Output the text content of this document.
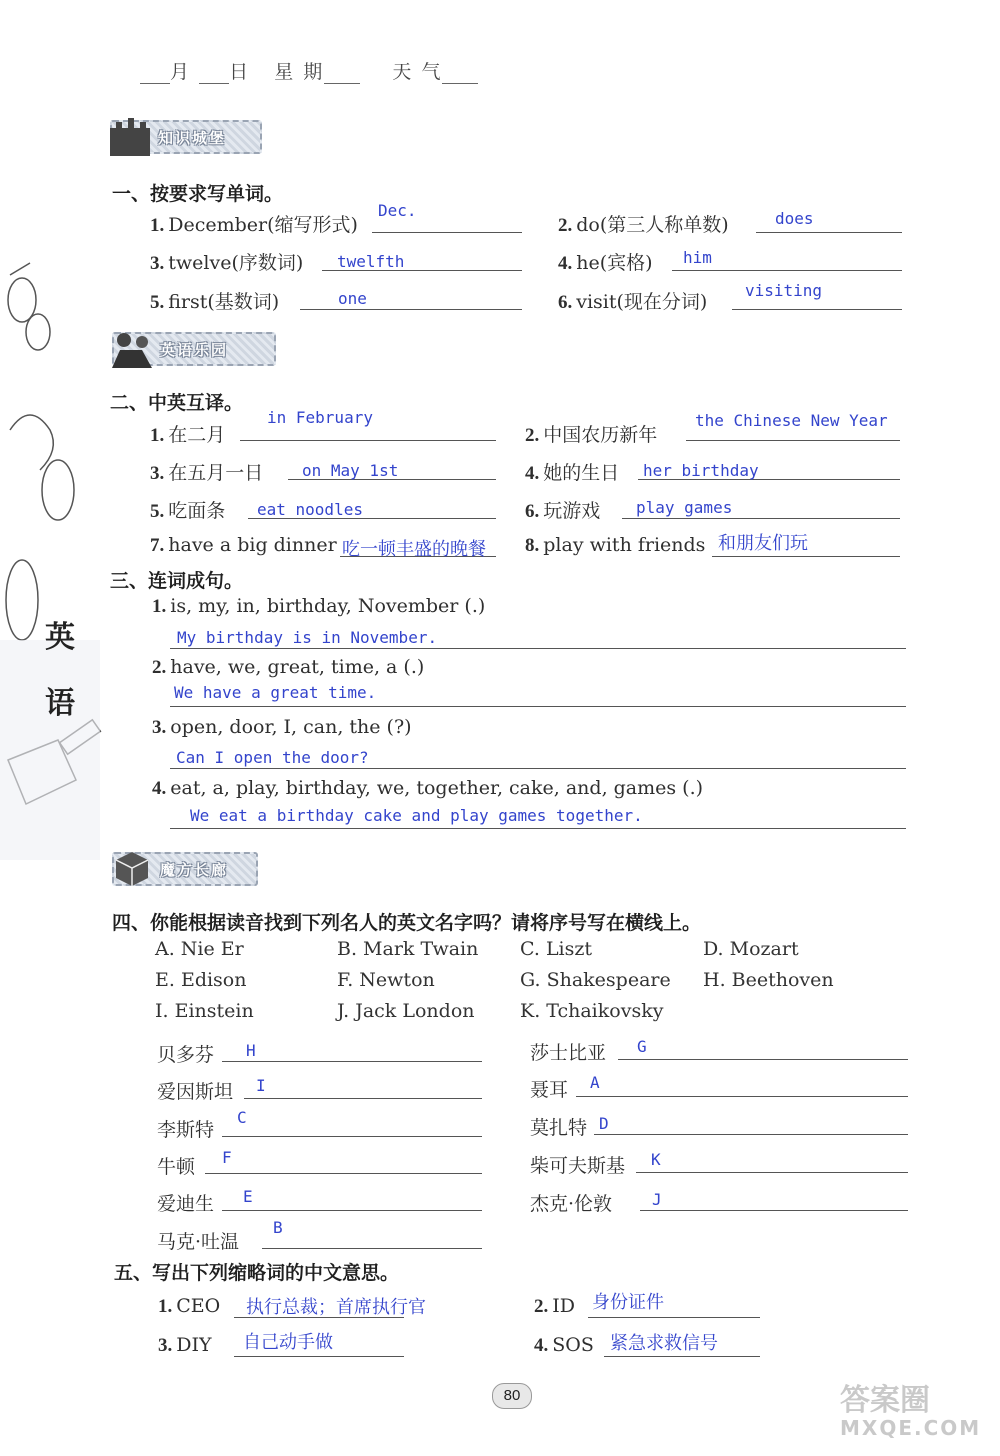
英
语
月 日 星 期	天 气
知识城堡
一、按要求写单词。
1. December(缩写形式)
Dec.
2. do(第三人称单数)	does
3. twelve(序数词) twelfth	4. he(宾格) him
5. first(基数词)	one	6. visit(现在分词)
visiting
英语乐园
二、中英互译。
1. 在二月
in February
2. 中国农历新年
the Chinese New Year
3. 在五月一日 on May 1st	4. 她的生日 her birthday
5. 吃面条 eat noodles	6. 玩游戏 play games
7. have a big dinner 吃一顿丰盛的晚餐 8. play with friends 和朋友们玩
三、连词成句。
1. is, my, in, birthday, November (.)
My birthday is in November.
2. have, we, great, time, a (.)
We have a great time.
3. open, door, I, can, the (?)
Can I open the door?
4. eat, a, play, birthday, we, together, cake, and, games (.)
We eat a birthday cake and play games together.
魔方长廊
四、你能根据读音找到下列名人的英文名字吗？请将序号写在横线上。
A. Nie Er	B. Mark Twain C. Liszt	D. Mozart
E. Edison	F. Newton	G. Shakespeare H. Beethoven
I. Einstein	J. Jack London K. Tchaikovsky
贝多芬 H
爱因斯坦 I
李斯特
C
牛顿 F
爱迪生 E
马克·吐温
B
莎士比亚 G
聂耳 A
莫扎特 D
柴可夫斯基 K
杰克·伦敦 J
五、写出下列缩略词的中文意思。
1. CEO 执行总裁；首席执行官	2. ID 身份证件
3. DIY 自己动手做	4. SOS 紧急求救信号
80	答案圈
MXQE.COM
